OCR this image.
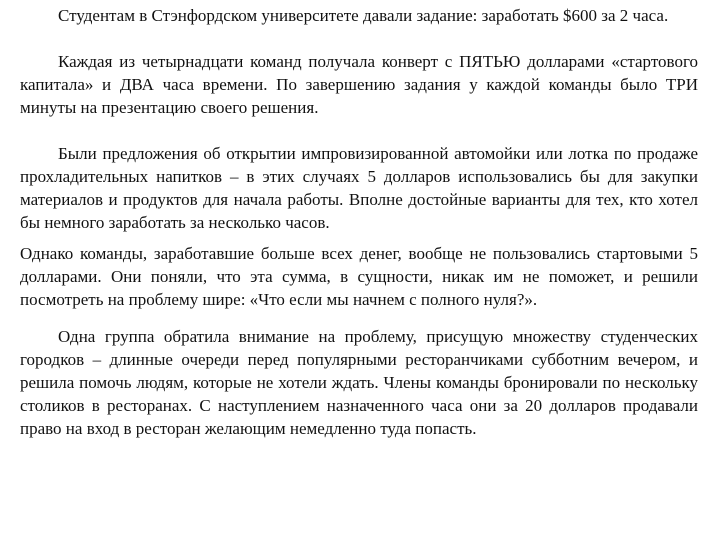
Студентам в Стэнфордском университете давали задание: заработать $600 за 2 часа.

Каждая из четырнадцати команд получала конверт с ПЯТЬЮ долларами «стартового капитала» и ДВА часа времени. По завершению задания у каждой команды было ТРИ минуты на презентацию своего решения.

Были предложения об открытии импровизированной автомойки или лотка по продаже прохладительных напитков – в этих случаях 5 долларов использовались бы для закупки материалов и продуктов для начала работы. Вполне достойные варианты для тех, кто хотел бы немного заработать за несколько часов.

Однако команды, заработавшие больше всех денег, вообще не пользовались стартовыми 5 долларами. Они поняли, что эта сумма, в сущности, никак им не поможет, и решили посмотреть на проблему шире: «Что если мы начнем с полного нуля?».

Одна группа обратила внимание на проблему, присущую множеству студенческих городков – длинные очереди перед популярными ресторанчиками субботним вечером, и решила помочь людям, которые не хотели ждать. Члены команды бронировали по нескольку столиков в ресторанах. С наступлением назначенного часа они за 20 долларов продавали право на вход в ресторан желающим немедленно туда попасть.
